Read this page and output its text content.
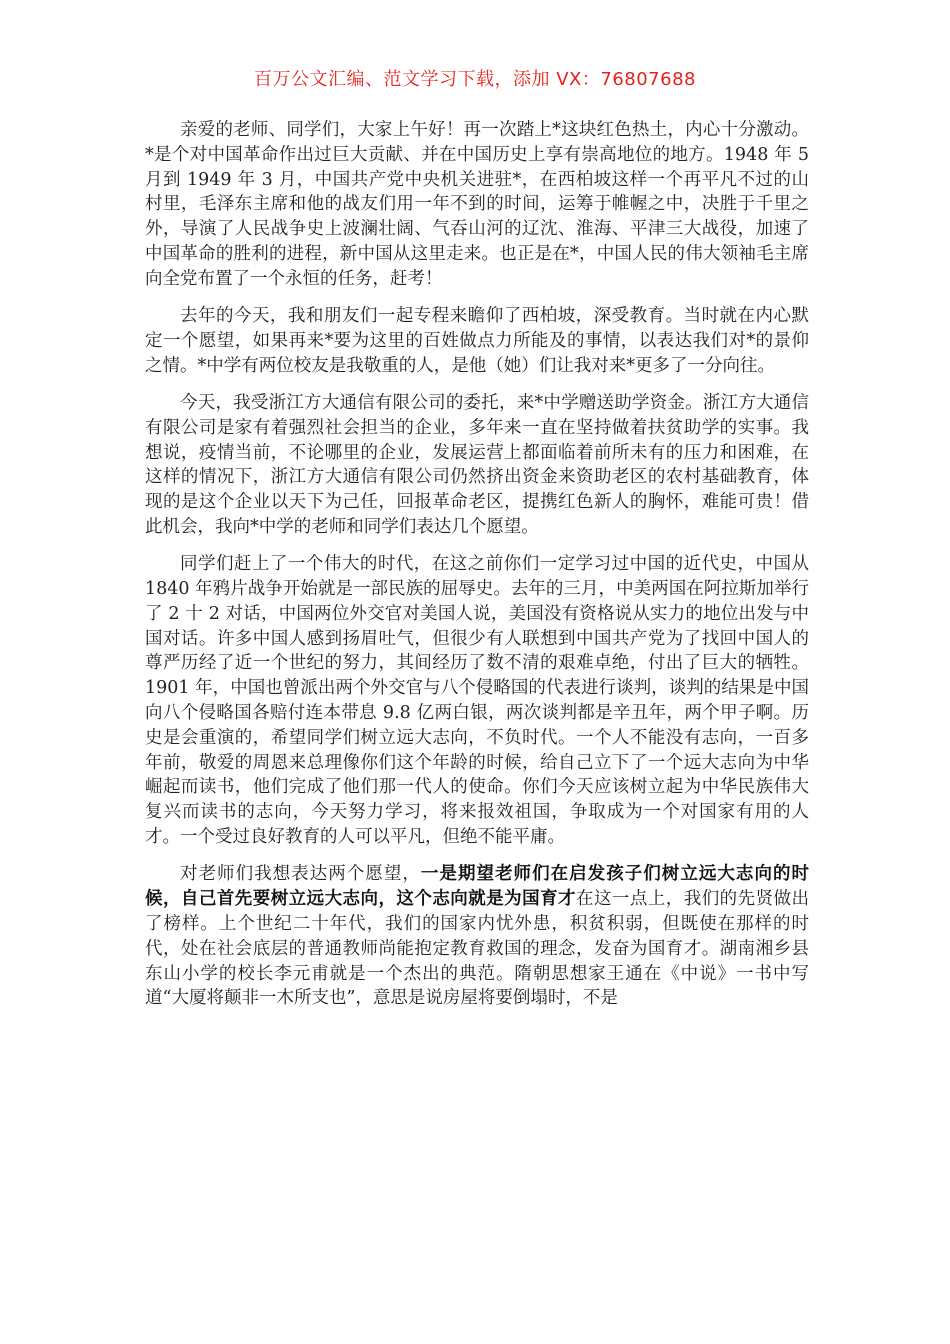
百万公文汇编、范文学习下载，添加 VX：76807688

亲爱的老师、同学们，大家上午好！再一次踏上*这块红色热土，内心十分激动。*是个对中国革命作出过巨大贡献、并在中国历史上享有崇高地位的地方。1948 年 5 月到 1949 年 3 月，中国共产党中央机关进驻*，在西柏坡这样一个再平凡不过的山村里，毛泽东主席和他的战友们用一年不到的时间，运筹于帷幄之中，决胜于千里之外，导演了人民战争史上波澜壮阔、气吞山河的辽沈、淮海、平津三大战役，加速了中国革命的胜利的进程，新中国从这里走来。也正是在*，中国人民的伟大领袖毛主席向全党布置了一个永恒的任务，赶考！

去年的今天，我和朋友们一起专程来瞻仰了西柏坡，深受教育。当时就在内心默定一个愿望，如果再来*要为这里的百姓做点力所能及的事情，以表达我们对*的景仰之情。*中学有两位校友是我敬重的人，是他（她）们让我对来*更多了一分向往。

今天，我受浙江方大通信有限公司的委托，来*中学赠送助学资金。浙江方大通信有限公司是家有着强烈社会担当的企业，多年来一直在坚持做着扶贫助学的实事。我想说，疫情当前，不论哪里的企业，发展运营上都面临着前所未有的压力和困难，在这样的情况下，浙江方大通信有限公司仍然挤出资金来资助老区的农村基础教育，体现的是这个企业以天下为己任，回报革命老区，提携红色新人的胸怀，难能可贵！借此机会，我向*中学的老师和同学们表达几个愿望。

同学们赶上了一个伟大的时代，在这之前你们一定学习过中国的近代史，中国从 1840 年鸦片战争开始就是一部民族的屈辱史。去年的三月，中美两国在阿拉斯加举行了 2 十 2 对话，中国两位外交官对美国人说，美国没有资格说从实力的地位出发与中国对话。许多中国人感到扬眉吐气，但很少有人联想到中国共产党为了找回中国人的尊严历经了近一个世纪的努力，其间经历了数不清的艰难卓绝，付出了巨大的牺牲。1901 年，中国也曾派出两个外交官与八个侵略国的代表进行谈判，谈判的结果是中国向八个侵略国各赔付连本带息 9.8 亿两白银，两次谈判都是辛丑年，两个甲子啊。历史是会重演的，希望同学们树立远大志向，不负时代。一个人不能没有志向，一百多年前，敬爱的周恩来总理像你们这个年龄的时候，给自己立下了一个远大志向为中华崛起而读书，他们完成了他们那一代人的使命。你们今天应该树立起为中华民族伟大复兴而读书的志向，今天努力学习，将来报效祖国，争取成为一个对国家有用的人才。一个受过良好教育的人可以平凡，但绝不能平庸。

对老师们我想表达两个愿望，一是期望老师们在启发孩子们树立远大志向的时候，自己首先要树立远大志向，这个志向就是为国育才在这一点上，我们的先贤做出了榜样。上个世纪二十年代，我们的国家内忧外患，积贫积弱，但既使在那样的时代，处在社会底层的普通教师尚能抱定教育救国的理念，发奋为国育才。湖南湘乡县东山小学的校长李元甫就是一个杰出的典范。隋朝思想家王通在《中说》一书中写道“大厦将颠非一木所支也”，意思是说房屋将要倒塌时，不是
